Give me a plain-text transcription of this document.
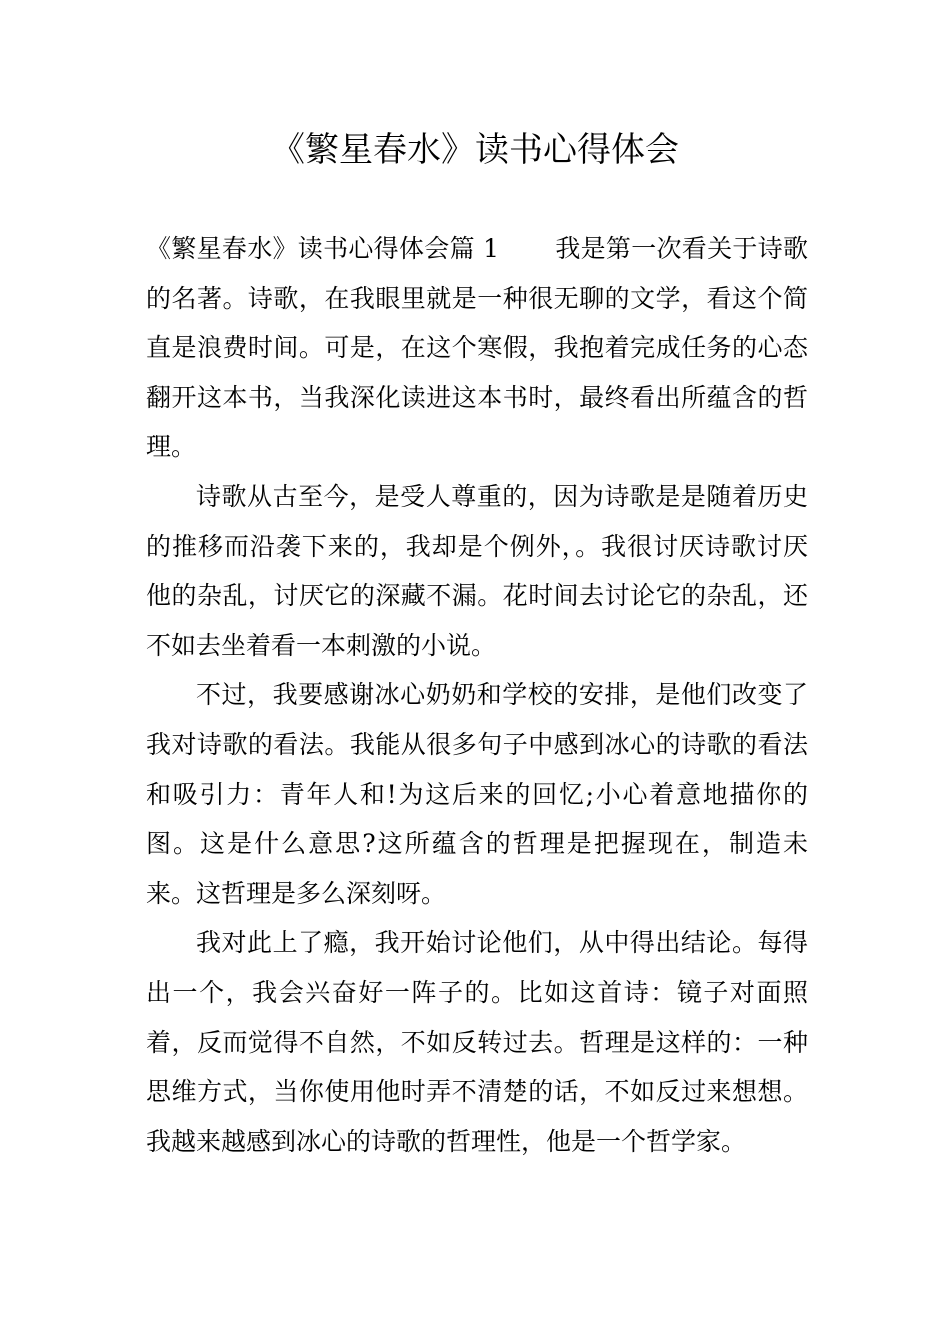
《繁星春水》读书心得体会

《繁星春水》读书心得体会篇 1 我是第一次看关于诗歌的名著。诗歌，在我眼里就是一种很无聊的文学，看这个简直是浪费时间。可是，在这个寒假，我抱着完成任务的心态翻开这本书，当我深化读进这本书时，最终看出所蕴含的哲理。

诗歌从古至今，是受人尊重的，因为诗歌是是随着历史的推移而沿袭下来的，我却是个例外，。我很讨厌诗歌讨厌他的杂乱，讨厌它的深藏不漏。花时间去讨论它的杂乱，还不如去坐着看一本刺激的小说。

不过，我要感谢冰心奶奶和学校的安排，是他们改变了我对诗歌的看法。我能从很多句子中感到冰心的诗歌的看法和吸引力：青年人和!为这后来的回忆;小心着意地描你的图。这是什么意思?这所蕴含的哲理是把握现在，制造未来。这哲理是多么深刻呀。

我对此上了瘾，我开始讨论他们，从中得出结论。每得出一个，我会兴奋好一阵子的。比如这首诗：镜子对面照着，反而觉得不自然，不如反转过去。哲理是这样的：一种思维方式，当你使用他时弄不清楚的话，不如反过来想想。我越来越感到冰心的诗歌的哲理性，他是一个哲学家。
